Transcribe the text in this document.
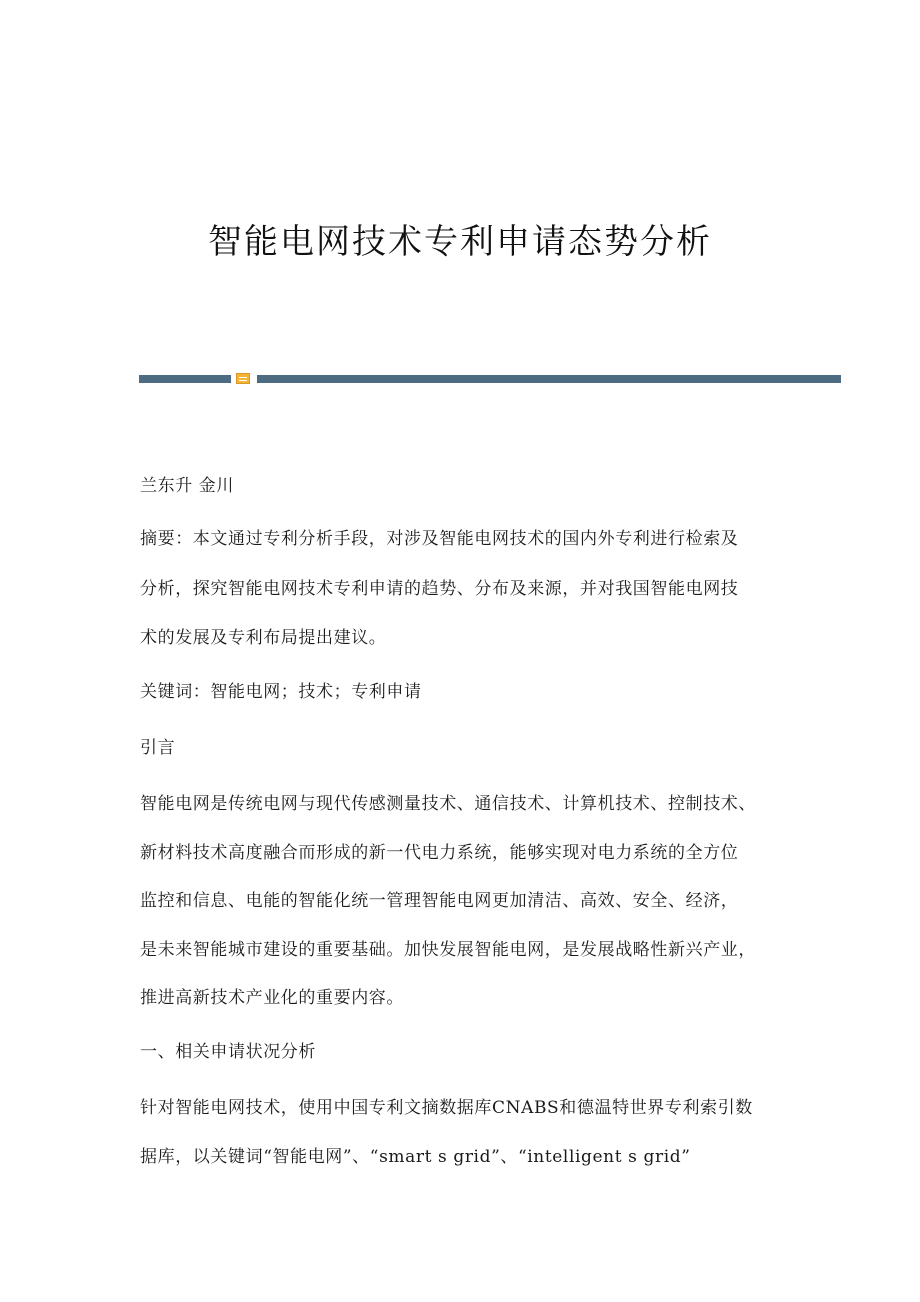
智能电网技术专利申请态势分析
兰东升 金川
摘要：本文通过专利分析手段，对涉及智能电网技术的国内外专利进行检索及
分析，探究智能电网技术专利申请的趋势、分布及来源，并对我国智能电网技
术的发展及专利布局提出建议。
关键词：智能电网；技术；专利申请
引言
智能电网是传统电网与现代传感测量技术、通信技术、计算机技术、控制技术、
新材料技术高度融合而形成的新一代电力系统，能够实现对电力系统的全方位
监控和信息、电能的智能化统一管理智能电网更加清洁、高效、安全、经济，
是未来智能城市建设的重要基础。加快发展智能电网，是发展战略性新兴产业，
推进高新技术产业化的重要内容。
一、相关申请状况分析
针对智能电网技术，使用中国专利文摘数据库CNABS和德温特世界专利索引数
据库，以关键词“智能电网”、“smart s grid”、“intelligent s grid”
